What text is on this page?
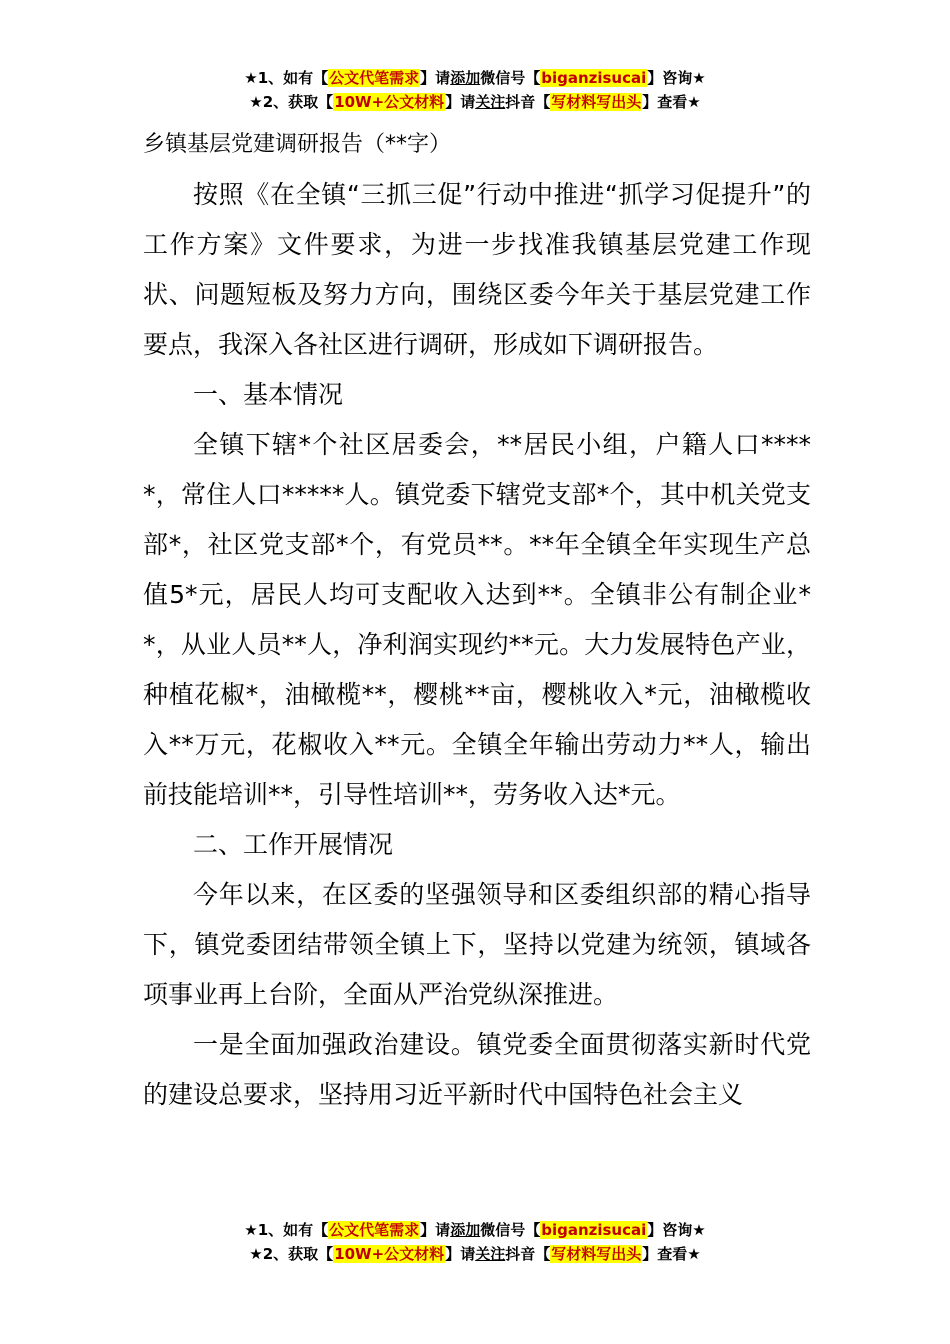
★1、如有【公文代笔需求】请添加微信号【biganzisucai】咨询★
★2、获取【10W+公文材料】请关注抖音【写材料写出头】查看★
乡镇基层党建调研报告（**字）

按照《在全镇“三抓三促”行动中推进“抓学习促提升”的工作方案》文件要求，为进一步找准我镇基层党建工作现状、问题短板及努力方向，围绕区委今年关于基层党建工作要点，我深入各社区进行调研，形成如下调研报告。

一、基本情况

全镇下辖*个社区居委会，**居民小组，户籍人口*****，常住人口*****人。镇党委下辖党支部*个，其中机关党支部*，社区党支部*个，有党员**。**年全镇全年实现生产总值5*元，居民人均可支配收入达到**。全镇非公有制企业**，从业人员**人，净利润实现约**元。大力发展特色产业，种植花椒*，油橄榄**，樱桃**亩，樱桃收入*元，油橄榄收入**万元，花椒收入**元。全镇全年输出劳动力**人，输出前技能培训**，引导性培训**，劳务收入达*元。

二、工作开展情况

今年以来，在区委的坚强领导和区委组织部的精心指导下，镇党委团结带领全镇上下，坚持以党建为统领，镇域各项事业再上台阶，全面从严治党纵深推进。

一是全面加强政治建设。镇党委全面贯彻落实新时代党的建设总要求，坚持用习近平新时代中国特色社会主义

★1、如有【公文代笔需求】请添加微信号【biganzisucai】咨询★
★2、获取【10W+公文材料】请关注抖音【写材料写出头】查看★
